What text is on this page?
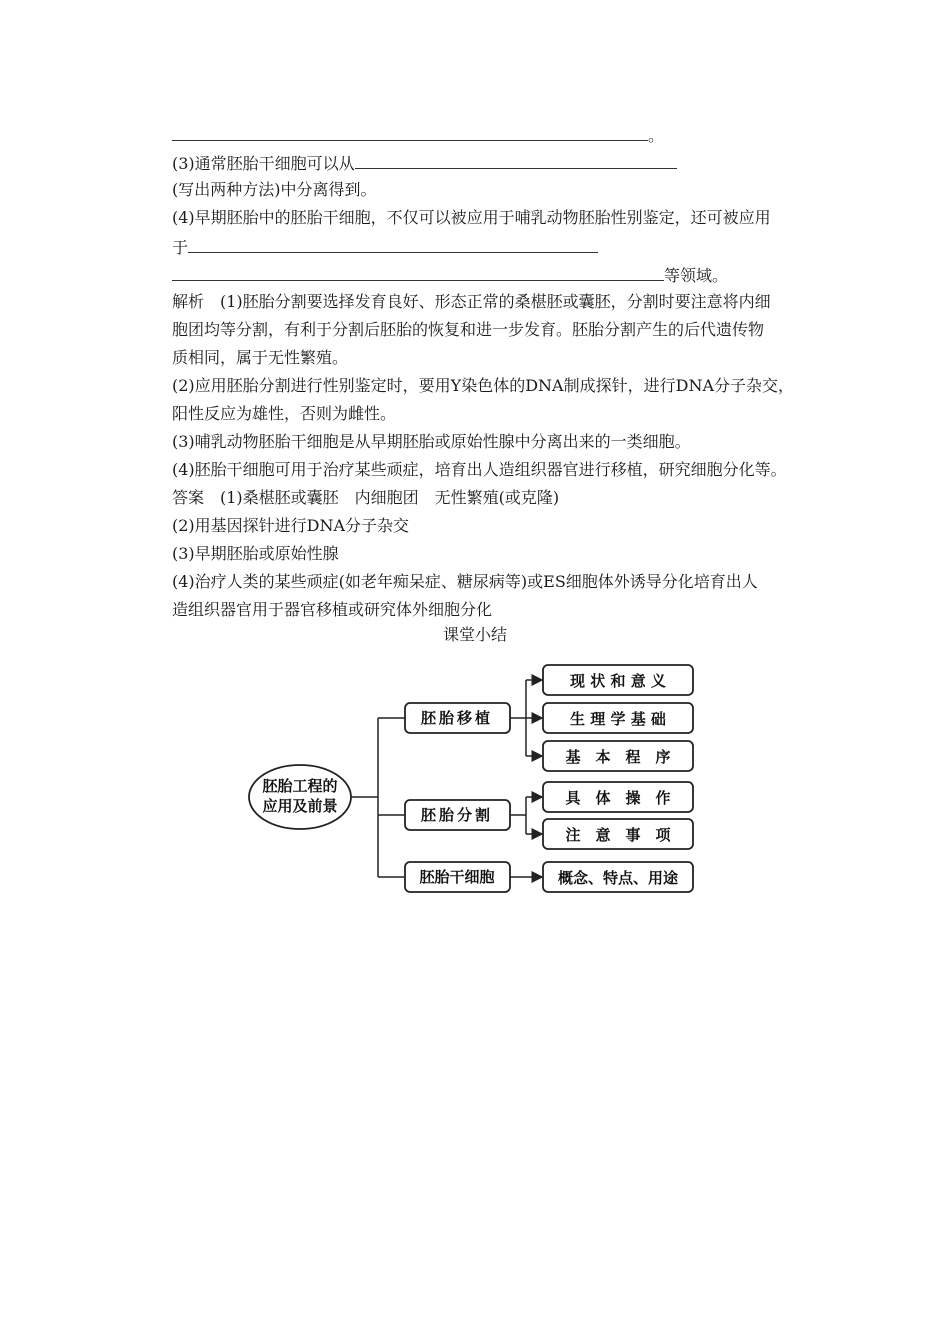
。
(3)通常胚胎干细胞可以从
(写出两种方法)中分离得到。
(4)早期胚胎中的胚胎干细胞，不仅可以被应用于哺乳动物胚胎性别鉴定，还可被应用
于
等领域。
解析　(1)胚胎分割要选择发育良好、形态正常的桑椹胚或囊胚，分割时要注意将内细
胞团均等分割，有利于分割后胚胎的恢复和进一步发育。胚胎分割产生的后代遗传物
质相同，属于无性繁殖。
(2)应用胚胎分割进行性别鉴定时，要用Y染色体的DNA制成探针，进行DNA分子杂交，
阳性反应为雄性，否则为雌性。
(3)哺乳动物胚胎干细胞是从早期胚胎或原始性腺中分离出来的一类细胞。
(4)胚胎干细胞可用于治疗某些顽症，培育出人造组织器官进行移植，研究细胞分化等。
答案　(1)桑椹胚或囊胚　内细胞团　无性繁殖(或克隆)
(2)用基因探针进行DNA分子杂交
(3)早期胚胎或原始性腺
(4)治疗人类的某些顽症(如老年痴呆症、糖尿病等)或ES细胞体外诱导分化培育出人
造组织器官用于器官移植或研究体外细胞分化
课堂小结
胚胎工程的
应用及前景
胚胎移植
现 状 和 意 义
生 理 学 基 础
基　本　程　序
胚胎分割
具　体　操　作
注　意　事　项
胚胎干细胞	概念、特点、用途
